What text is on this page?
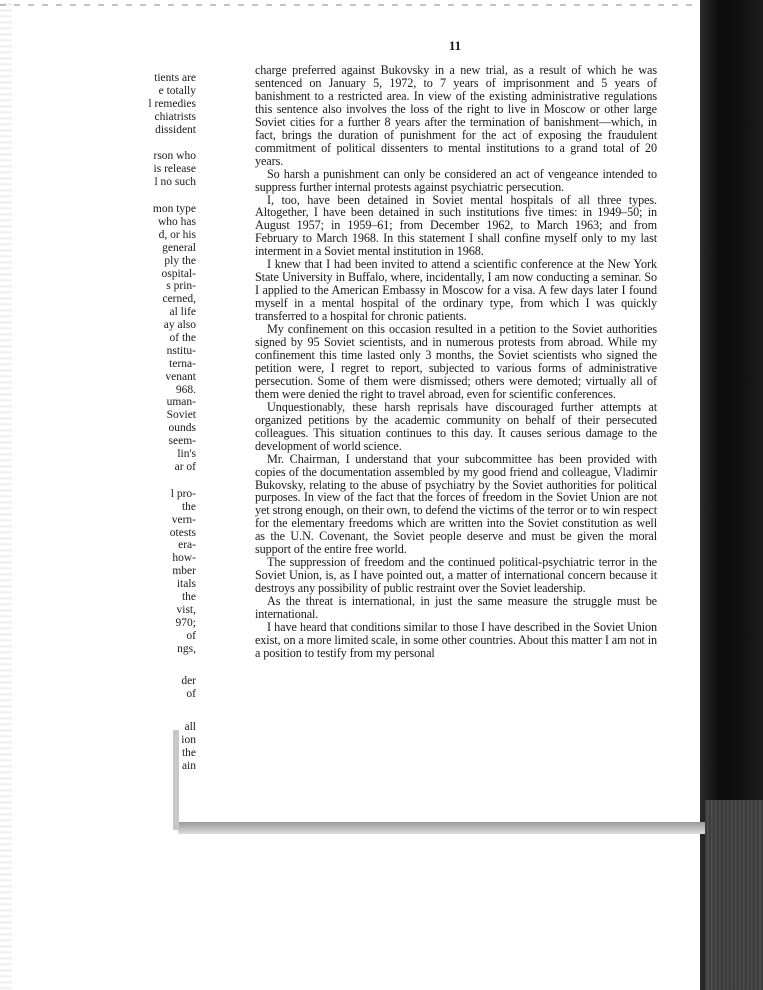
tients are
e totally
l remedies
chiatrists
dissident
rson who
is release
l no such
mon type
who has
d, or his
general
ply the
ospital-
s prin-
cerned,
al life
ay also
of the
nstitu-
terna-
venant
968.
uman-
Soviet
ounds
seem-
lin's
ar of
l pro-
the
vern-
otests
era-
how-
mber
itals
the
vist,
970;
of
ngs,
der
of
all
ion
the
ain
11

charge preferred against Bukovsky in a new trial, as a result of which he was sentenced on January 5, 1972, to 7 years of imprisonment and 5 years of banishment to a restricted area. In view of the existing administrative regulations this sentence also involves the loss of the right to live in Moscow or other large Soviet cities for a further 8 years after the termination of banishment—which, in fact, brings the duration of punishment for the act of exposing the fraudulent commitment of political dissenters to mental institutions to a grand total of 20 years.

So harsh a punishment can only be considered an act of vengeance intended to suppress further internal protests against psychiatric persecution.

I, too, have been detained in Soviet mental hospitals of all three types. Altogether, I have been detained in such institutions five times: in 1949–50; in August 1957; in 1959–61; from December 1962, to March 1963; and from February to March 1968. In this statement I shall confine myself only to my last interment in a Soviet mental institution in 1968.

I knew that I had been invited to attend a scientific conference at the New York State University in Buffalo, where, incidentally, I am now conducting a seminar. So I applied to the American Embassy in Moscow for a visa. A few days later I found myself in a mental hospital of the ordinary type, from which I was quickly transferred to a hospital for chronic patients.

My confinement on this occasion resulted in a petition to the Soviet authorities signed by 95 Soviet scientists, and in numerous protests from abroad. While my confinement this time lasted only 3 months, the Soviet scientists who signed the petition were, I regret to report, subjected to various forms of administrative persecution. Some of them were dismissed; others were demoted; virtually all of them were denied the right to travel abroad, even for scientific conferences.

Unquestionably, these harsh reprisals have discouraged further attempts at organized petitions by the academic community on behalf of their persecuted colleagues. This situation continues to this day. It causes serious damage to the development of world science.

Mr. Chairman, I understand that your subcommittee has been provided with copies of the documentation assembled by my good friend and colleague, Vladimir Bukovsky, relating to the abuse of psychiatry by the Soviet authorities for political purposes. In view of the fact that the forces of freedom in the Soviet Union are not yet strong enough, on their own, to defend the victims of the terror or to win respect for the elementary freedoms which are written into the Soviet constitution as well as the U.N. Covenant, the Soviet people deserve and must be given the moral support of the entire free world.

The suppression of freedom and the continued political-psychiatric terror in the Soviet Union, is, as I have pointed out, a matter of international concern because it destroys any possibility of public restraint over the Soviet leadership.

As the threat is international, in just the same measure the struggle must be international.

I have heard that conditions similar to those I have described in the Soviet Union exist, on a more limited scale, in some other countries. About this matter I am not in a position to testify from my personal
